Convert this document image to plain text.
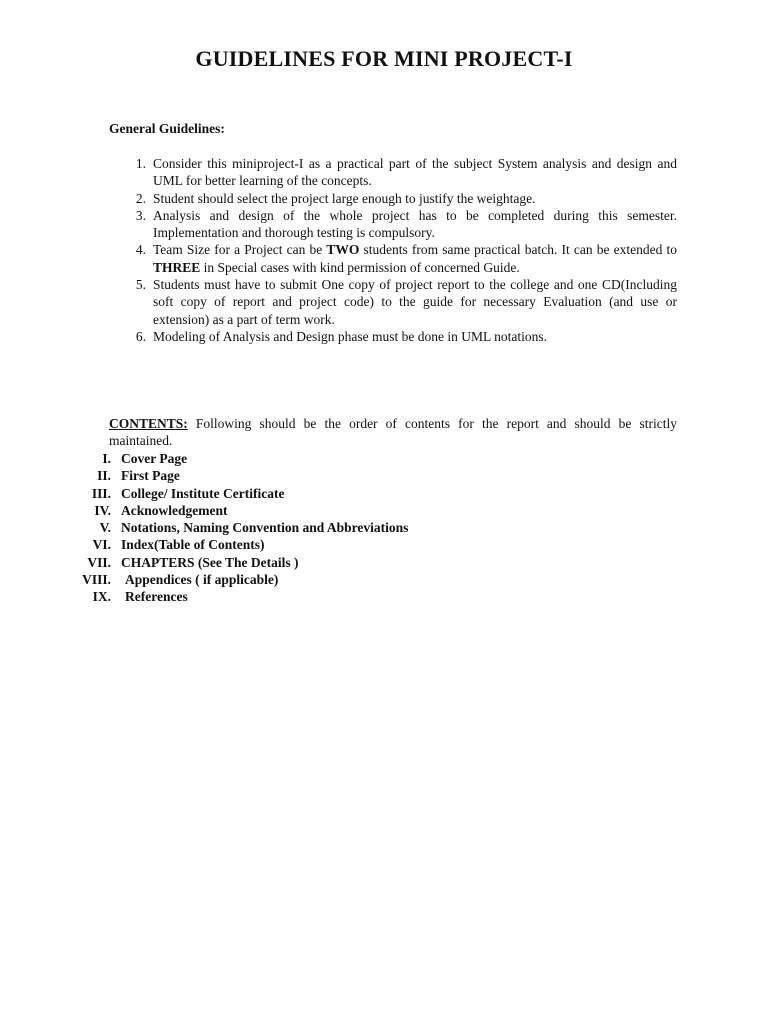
GUIDELINES FOR MINI PROJECT-I
General Guidelines:
1. Consider this miniproject-I as a practical part of the subject System analysis and design and UML for better learning of the concepts.
2. Student should select the project large enough to justify the weightage.
3. Analysis and design of the whole project has to be completed during this semester. Implementation and thorough testing is compulsory.
4. Team Size for a Project can be TWO students from same practical batch. It can be extended to THREE in Special cases with kind permission of concerned Guide.
5. Students must have to submit One copy of project report to the college and one CD(Including soft copy of report and project code) to the guide for necessary Evaluation (and use or extension) as a part of term work.
6. Modeling of Analysis and Design phase must be done in UML notations.
CONTENTS: Following should be the order of contents for the report and should be strictly maintained.
I. Cover Page
II. First Page
III. College/ Institute Certificate
IV. Acknowledgement
V. Notations, Naming Convention and Abbreviations
VI. Index(Table of Contents)
VII. CHAPTERS (See The Details )
VIII.	Appendices ( if applicable)
IX.	References
